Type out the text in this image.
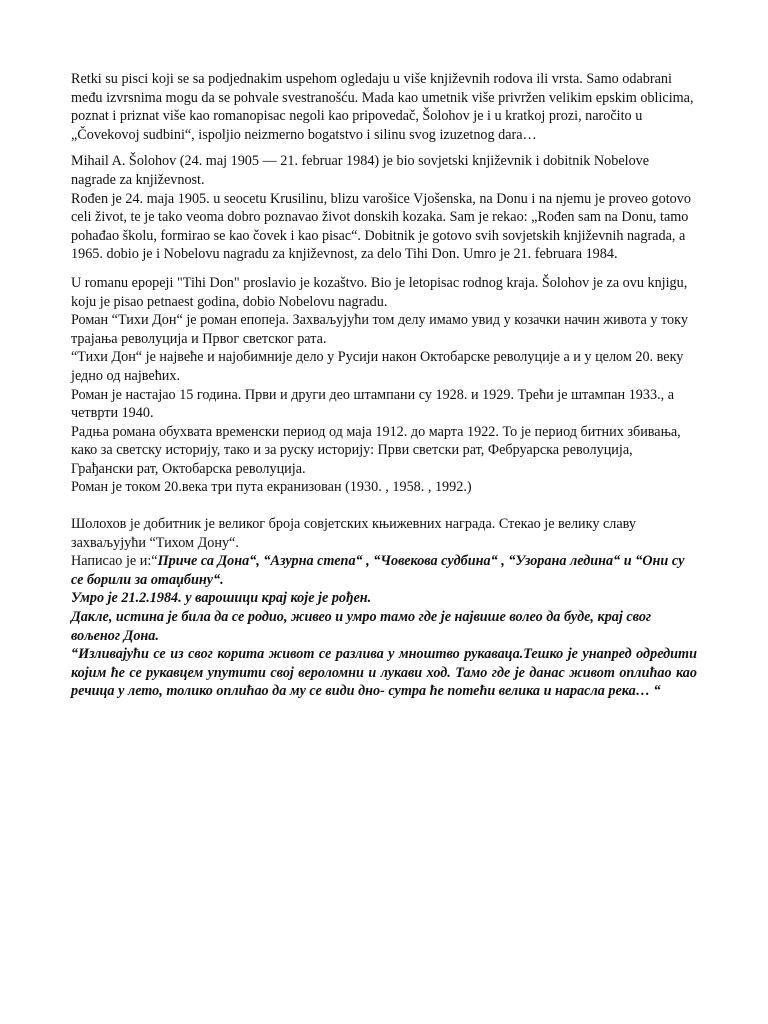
Retki su pisci koji se sa podjednakim uspehom ogledaju u više književnih rodova ili vrsta. Samo odabrani među izvrsnima mogu da se pohvale svestranošću. Mada kao umetnik više privržen velikim epskim oblicima, poznat i priznat više kao romanopisac negoli kao pripovedač, Šolohov je i u kratkoj prozi, naročito u „Čovekovoj sudbini“, ispoljio neizmerno bogatstvo i silinu svog izuzetnog dara…

Mihail A. Šolohov (24. maj 1905 — 21. februar 1984) je bio sovjetski književnik i dobitnik Nobelove nagrade za književnost.

Rođen je 24. maja 1905. u seocetu Krusilinu, blizu varošice Vjošenska, na Donu i na njemu je proveo gotovo celi život, te je tako veoma dobro poznavao život donskih kozaka. Sam je rekao: „Rođen sam na Donu, tamo pohađao školu, formirao se kao čovek i kao pisac“. Dobitnik je gotovo svih sovjetskih književnih nagrada, a 1965. dobio je i Nobelovu nagradu za književnost, za delo Tihi Don. Umro je 21. februara 1984.

U romanu epopeji "Tihi Don" proslavio je kozaštvo. Bio je letopisac rodnog kraja. Šolohov je za ovu knjigu, koju je pisao petnaest godina, dobio Nobelovu nagradu.

Роман “Тихи Дон“ је роман епопеја. Захваљујући том делу имамо увид у козачки начин живота у току трајања револуција и Првог светског рата.

“Тихи Дон“ је највеће и најобимније дело у Русији након Октобарске револуције а и у целом 20. веку једно од највећих.

Роман је настајао 15 година. Први и други део штампани су 1928. и 1929. Трећи је штампан 1933., а четврти 1940.

Радња романа обухвата временски период од маја 1912. до марта 1922. То је период битних збивања, како за светску историју, тако и за руску историју: Први светски рат, Фебруарска револуција, Грађански рат, Октобарска револуција.

Роман је током 20.века три пута екранизован (1930. , 1958. , 1992.)

Шолохов је добитник је великог броја совјетских књижевних награда. Стекао је велику славу захваљујући “Тихом Дону“.

Написао је и:“Приче са Дона“, “Азурна степа“ , “Човекова судбина“ , “Узорана ледина“ и “Они су се борили за отаџбину“.

Умро je 21.2.1984. у варошици крај које је рођен.

Дакле, истина је била да се родио, живео и умро тамо где је највише волео да буде, крај свог вољеног Дона.

“Изливајући се из свог корита живот се разлива у мноштво рукаваца.Тешко је унапред одредити којим ће се рукавцем упутити свој вероломни и лукави ход. Тамо где је данас живот оплићао као речица у лето, толико оплићао да му се види дно- сутра ће потећи велика и нарасла река… “
